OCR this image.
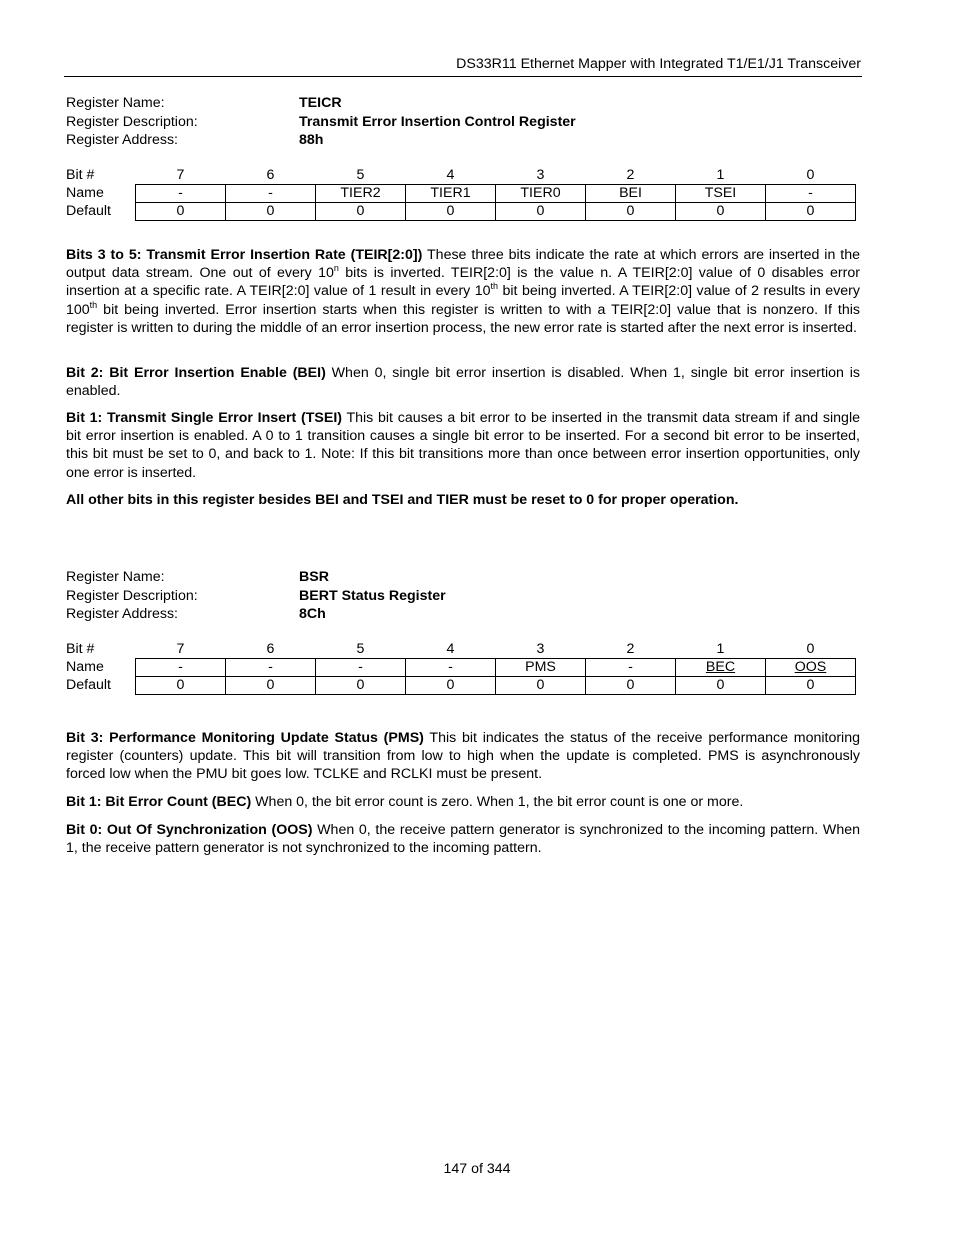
DS33R11 Ethernet Mapper with Integrated T1/E1/J1 Transceiver
Register Name:	TEICR
Register Description:	Transmit Error Insertion Control Register
Register Address:	88h
Bit #	7	6	5	4	3	2	1	0
Name	-	-	TIER2	TIER1	TIER0	BEI	TSEI	-
Default	0	0	0	0	0	0	0	0

Bits 3 to 5: Transmit Error Insertion Rate (TEIR[2:0]) These three bits indicate the rate at which errors are inserted in the output data stream. One out of every 10$^n$ bits is inverted. TEIR[2:0] is the value n. A TEIR[2:0] value of 0 disables error insertion at a specific rate. A TEIR[2:0] value of 1 result in every 10th bit being inverted. A TEIR[2:0] value of 2 results in every 100th bit being inverted. Error insertion starts when this register is written to with a TEIR[2:0] value that is nonzero. If this register is written to during the middle of an error insertion process, the new error rate is started after the next error is inserted.

Bit 2: Bit Error Insertion Enable (BEI) When 0, single bit error insertion is disabled. When 1, single bit error insertion is enabled.

Bit 1: Transmit Single Error Insert (TSEI) This bit causes a bit error to be inserted in the transmit data stream if and single bit error insertion is enabled. A 0 to 1 transition causes a single bit error to be inserted. For a second bit error to be inserted, this bit must be set to 0, and back to 1. Note: If this bit transitions more than once between error insertion opportunities, only one error is inserted.

All other bits in this register besides BEI and TSEI and TIER must be reset to 0 for proper operation.

Register Name:	BSR
Register Description:	BERT Status Register
Register Address:	8Ch
Bit #	7	6	5	4	3	2	1	0
Name	-	-	-	-	PMS	-	BEC	OOS
Default	0	0	0	0	0	0	0	0

Bit 3: Performance Monitoring Update Status (PMS) This bit indicates the status of the receive performance monitoring register (counters) update. This bit will transition from low to high when the update is completed. PMS is asynchronously forced low when the PMU bit goes low. TCLKE and RCLKI must be present.

Bit 1: Bit Error Count (BEC) When 0, the bit error count is zero. When 1, the bit error count is one or more.

Bit 0: Out Of Synchronization (OOS) When 0, the receive pattern generator is synchronized to the incoming pattern. When 1, the receive pattern generator is not synchronized to the incoming pattern.

147 of 344
